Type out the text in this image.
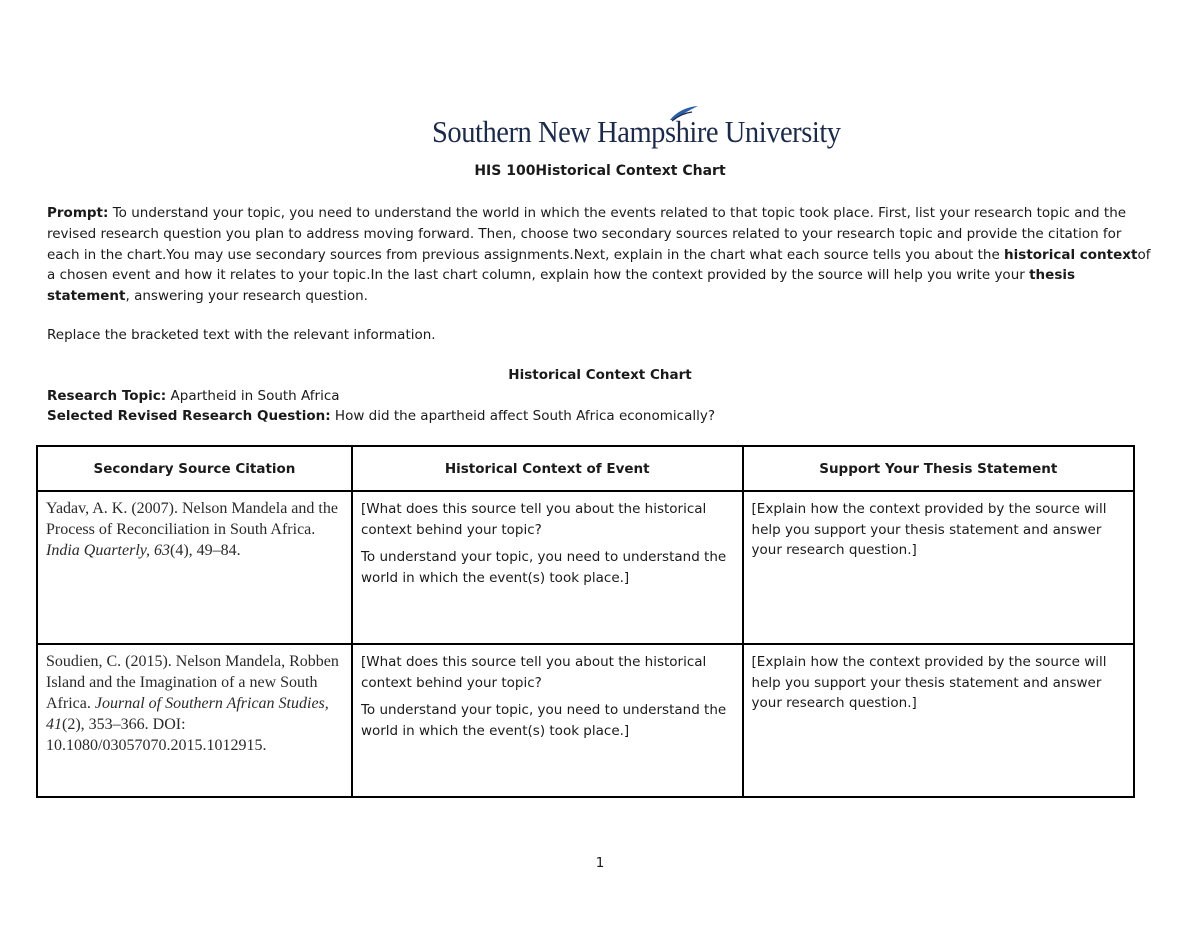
Southern New Hampshire University
HIS 100Historical Context Chart
Prompt: To understand your topic, you need to understand the world in which the events related to that topic took place. First, list your research topic and the revised research question you plan to address moving forward. Then, choose two secondary sources related to your research topic and provide the citation for each in the chart.You may use secondary sources from previous assignments.Next, explain in the chart what each source tells you about the historical contextof a chosen event and how it relates to your topic.In the last chart column, explain how the context provided by the source will help you write your thesis statement, answering your research question.
Replace the bracketed text with the relevant information.
Historical Context Chart
Research Topic: Apartheid in South Africa
Selected Revised Research Question: How did the apartheid affect South Africa economically?
Secondary Source Citation	Historical Context of Event	Support Your Thesis Statement
Yadav, A. K. (2007). Nelson Mandela and the Process of Reconciliation in South Africa. India Quarterly, 63(4), 49–84.	[What does this source tell you about the historical context behind your topic?

To understand your topic, you need to understand the world in which the event(s) took place.]	[Explain how the context provided by the source will help you support your thesis statement and answer your research question.]

Soudien, C. (2015). Nelson Mandela, Robben Island and the Imagination of a new South Africa. Journal of Southern African Studies, 41(2), 353–366. DOI: 10.1080/03057070.2015.1012915.	[What does this source tell you about the historical context behind your topic?

To understand your topic, you need to understand the world in which the event(s) took place.]	[Explain how the context provided by the source will help you support your thesis statement and answer your research question.]

1
